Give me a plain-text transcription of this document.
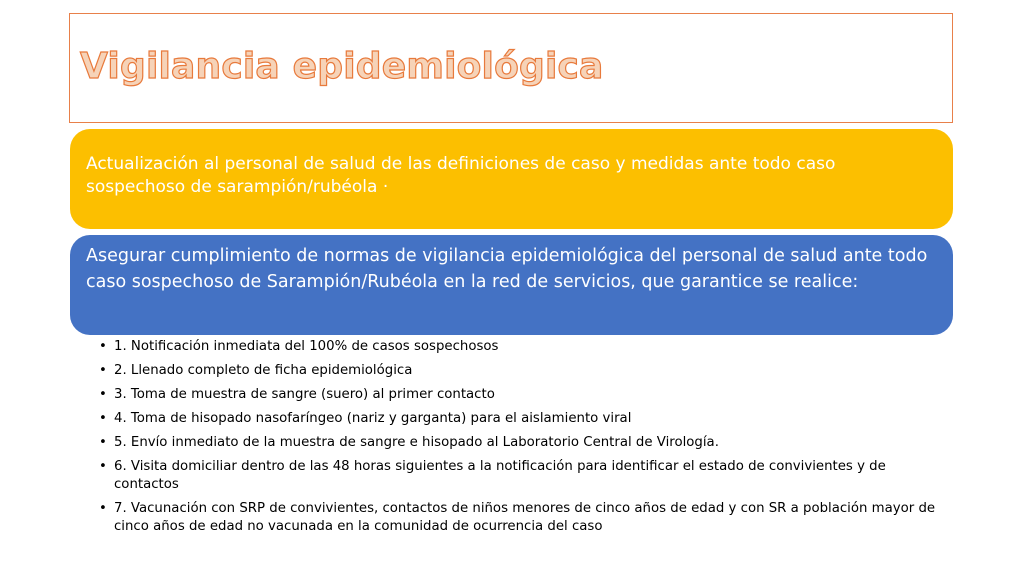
Vigilancia epidemiológica
Actualización al personal de salud de las definiciones de caso y medidas ante todo caso sospechoso de sarampión/rubéola ·
Asegurar cumplimiento de normas de vigilancia epidemiológica del personal de salud ante todo caso sospechoso de Sarampión/Rubéola en la red de servicios, que garantice se realice:
• 1. Notificación inmediata del 100% de casos sospechosos
• 2. Llenado completo de ficha epidemiológica
• 3. Toma de muestra de sangre (suero) al primer contacto
• 4. Toma de hisopado nasofaríngeo (nariz y garganta) para el aislamiento viral
• 5. Envío inmediato de la muestra de sangre e hisopado al Laboratorio Central de Virología.
• 6. Visita domiciliar dentro de las 48 horas siguientes a la notificación para identificar el estado de convivientes y de contactos
• 7. Vacunación con SRP de convivientes, contactos de niños menores de cinco años de edad y con SR a población mayor de cinco años de edad no vacunada en la comunidad de ocurrencia del caso
